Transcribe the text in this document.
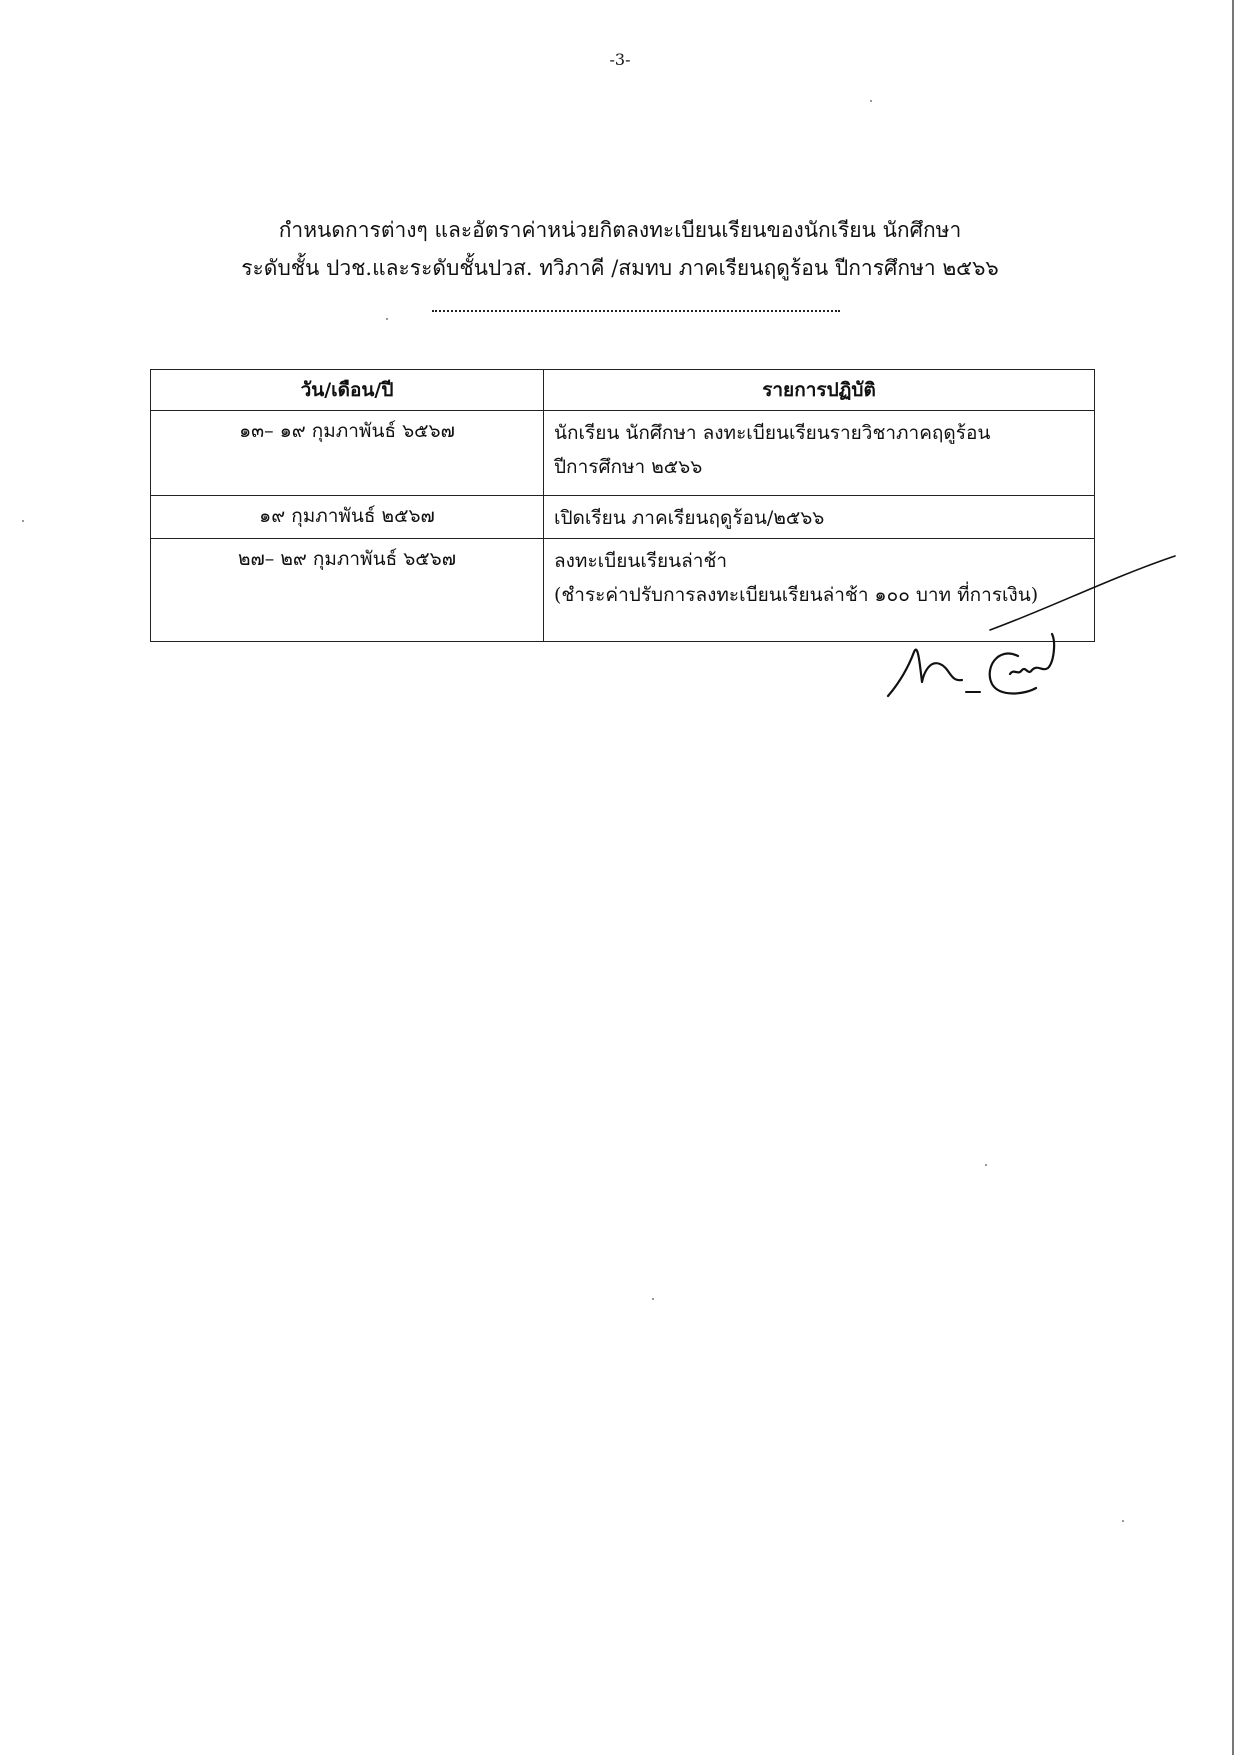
-3-
กำหนดการต่างๆ และอัตราค่าหน่วยกิตลงทะเบียนเรียนของนักเรียน นักศึกษา
ระดับชั้น ปวช.และระดับชั้นปวส. ทวิภาคี /สมทบ ภาคเรียนฤดูร้อน ปีการศึกษา ๒๕๖๖
วัน/เดือน/ปี	รายการปฏิบัติ
๑๓– ๑๙ กุมภาพันธ์ ๖๕๖๗	นักเรียน นักศึกษา ลงทะเบียนเรียนรายวิชาภาคฤดูร้อน
ปีการศึกษา ๒๕๖๖

๑๙ กุมภาพันธ์ ๒๕๖๗	เปิดเรียน ภาคเรียนฤดูร้อน/๒๕๖๖

๒๗– ๒๙ กุมภาพันธ์ ๖๕๖๗	ลงทะเบียนเรียนล่าช้า
(ชำระค่าปรับการลงทะเบียนเรียนล่าช้า ๑๐๐ บาท ที่การเงิน)
